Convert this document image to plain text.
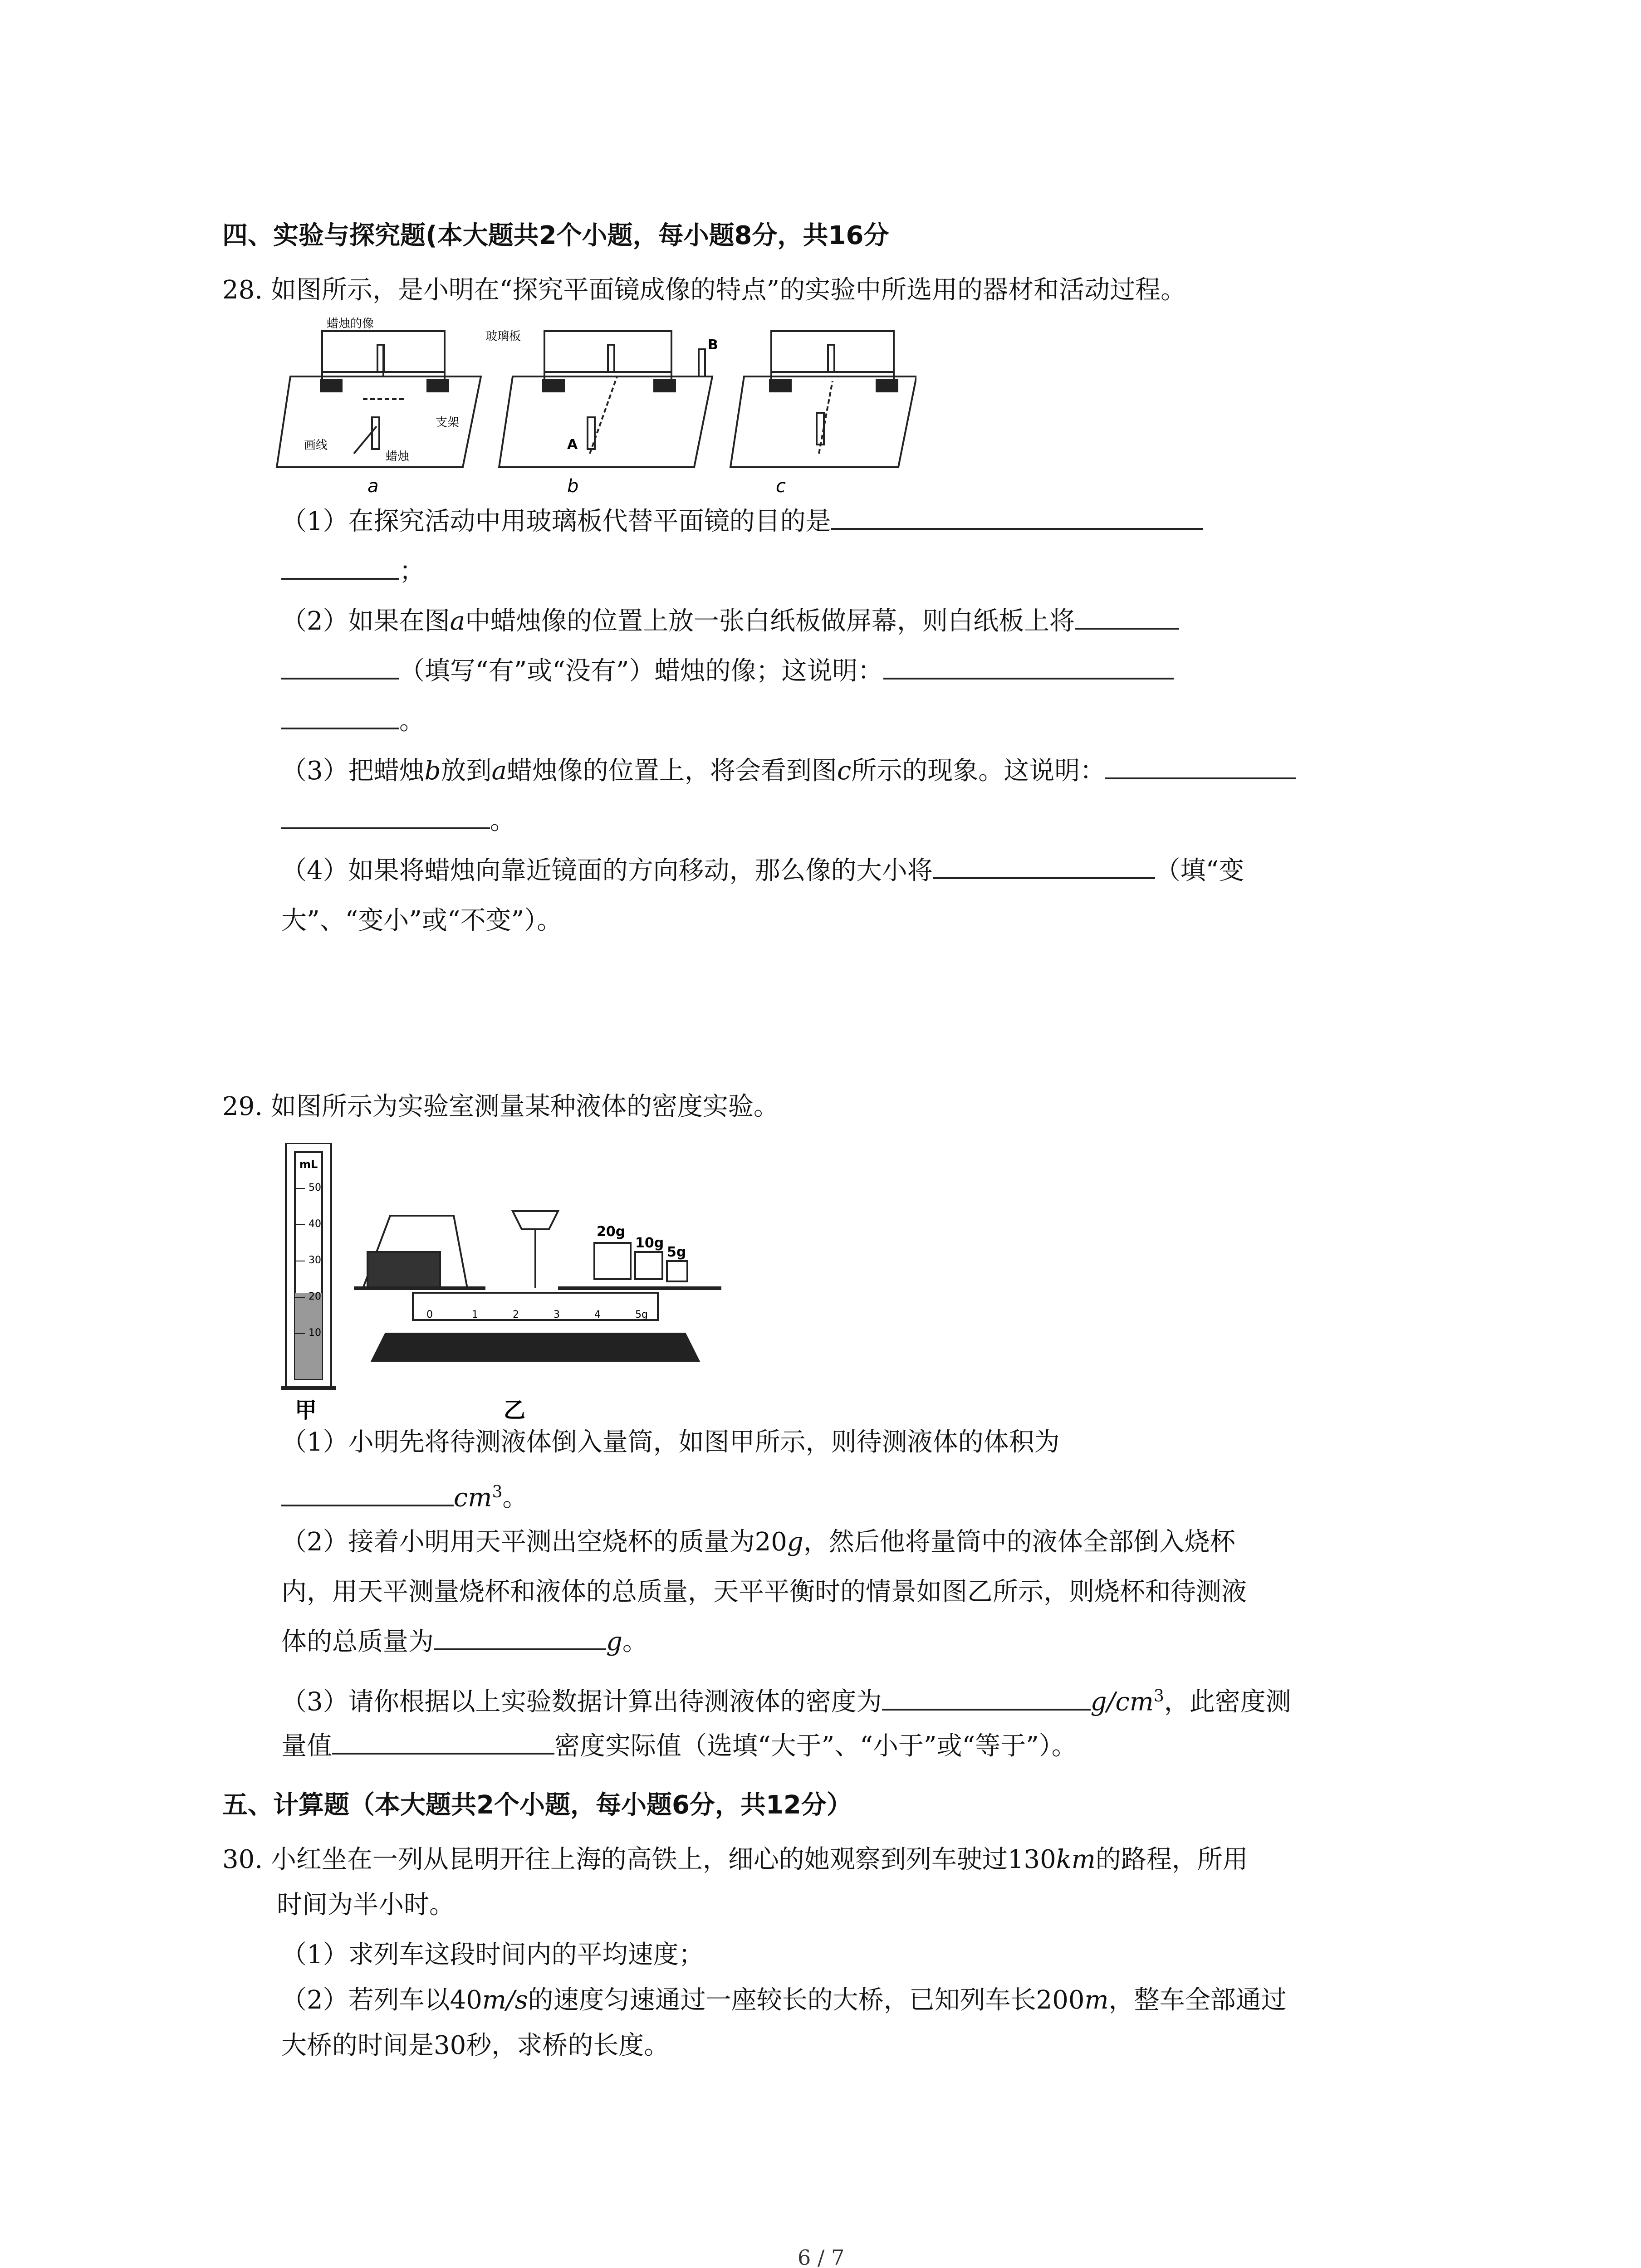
四、实验与探究题(本大题共2个小题，每小题8分，共16分
28. 如图所示，是小明在“探究平面镜成像的特点”的实验中所选用的器材和活动过程。
蜡烛的像
玻璃板
B
A
画线
支架
蜡烛
a	b	c
（1）在探究活动中用玻璃板代替平面镜的目的是
；
（2）如果在图a中蜡烛像的位置上放一张白纸板做屏幕，则白纸板上将
（填写“有”或“没有”）蜡烛的像；这说明：
。
（3）把蜡烛b放到a蜡烛像的位置上，将会看到图c所示的现象。这说明：
。
（4）如果将蜡烛向靠近镜面的方向移动，那么像的大小将	（填“变
大”、“变小”或“不变”）。
29. 如图所示为实验室测量某种液体的密度实验。
mL
50
40
30
20
10
甲
20g
10g
5g
0	1	2	3	4	5g
乙
（1）小明先将待测液体倒入量筒，如图甲所示，则待测液体的体积为
$cm^3$。
（2）接着小明用天平测出空烧杯的质量为20g，然后他将量筒中的液体全部倒入烧杯
内，用天平测量烧杯和液体的总质量，天平平衡时的情景如图乙所示，则烧杯和待测液
体的总质量为	g。
（3）请你根据以上实验数据计算出待测液体的密度为	$g/cm^3$，此密度测
量值	密度实际值（选填“大于”、“小于”或“等于”）。
五、计算题（本大题共2个小题，每小题6分，共12分）
30. 小红坐在一列从昆明开往上海的高铁上，细心的她观察到列车驶过130km的路程，所用
时间为半小时。
（1）求列车这段时间内的平均速度；
（2）若列车以40m/s的速度匀速通过一座较长的大桥，已知列车长200m，整车全部通过
大桥的时间是30秒，求桥的长度。
6 / 7
